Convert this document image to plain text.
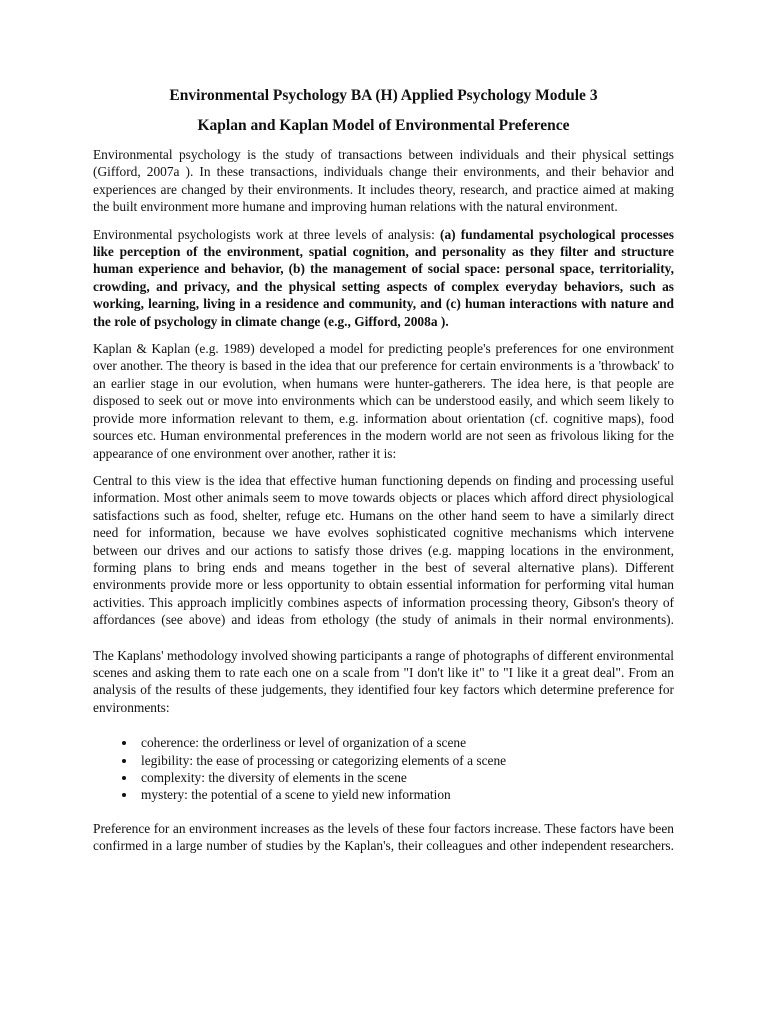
Environmental Psychology BA (H) Applied Psychology Module 3
Kaplan and Kaplan Model of Environmental Preference

Environmental psychology is the study of transactions between individuals and their physical settings (Gifford, 2007a ). In these transactions, individuals change their environments, and their behavior and experiences are changed by their environments. It includes theory, research, and practice aimed at making the built environment more humane and improving human relations with the natural environment.

Environmental psychologists work at three levels of analysis: (a) fundamental psychological processes like perception of the environment, spatial cognition, and personality as they filter and structure human experience and behavior, (b) the management of social space: personal space, territoriality, crowding, and privacy, and the physical setting aspects of complex everyday behaviors, such as working, learning, living in a residence and community, and (c) human interactions with nature and the role of psychology in climate change (e.g., Gifford, 2008a ).

Kaplan & Kaplan (e.g. 1989) developed a model for predicting people's preferences for one environment over another. The theory is based in the idea that our preference for certain environments is a 'throwback' to an earlier stage in our evolution, when humans were hunter-gatherers. The idea here, is that people are disposed to seek out or move into environments which can be understood easily, and which seem likely to provide more information relevant to them, e.g. information about orientation (cf. cognitive maps), food sources etc. Human environmental preferences in the modern world are not seen as frivolous liking for the appearance of one environment over another, rather it is:

Central to this view is the idea that effective human functioning depends on finding and processing useful information. Most other animals seem to move towards objects or places which afford direct physiological satisfactions such as food, shelter, refuge etc. Humans on the other hand seem to have a similarly direct need for information, because we have evolves sophisticated cognitive mechanisms which intervene between our drives and our actions to satisfy those drives (e.g. mapping locations in the environment, forming plans to bring ends and means together in the best of several alternative plans). Different environments provide more or less opportunity to obtain essential information for performing vital human activities. This approach implicitly combines aspects of information processing theory, Gibson's theory of affordances (see above) and ideas from ethology (the study of animals in their normal environments).

The Kaplans' methodology involved showing participants a range of photographs of different environmental scenes and asking them to rate each one on a scale from "I don't like it" to "I like it a great deal". From an analysis of the results of these judgements, they identified four key factors which determine preference for environments:

• coherence: the orderliness or level of organization of a scene
• legibility: the ease of processing or categorizing elements of a scene
• complexity: the diversity of elements in the scene
• mystery: the potential of a scene to yield new information

Preference for an environment increases as the levels of these four factors increase. These factors have been confirmed in a large number of studies by the Kaplan's, their colleagues and other independent researchers.
